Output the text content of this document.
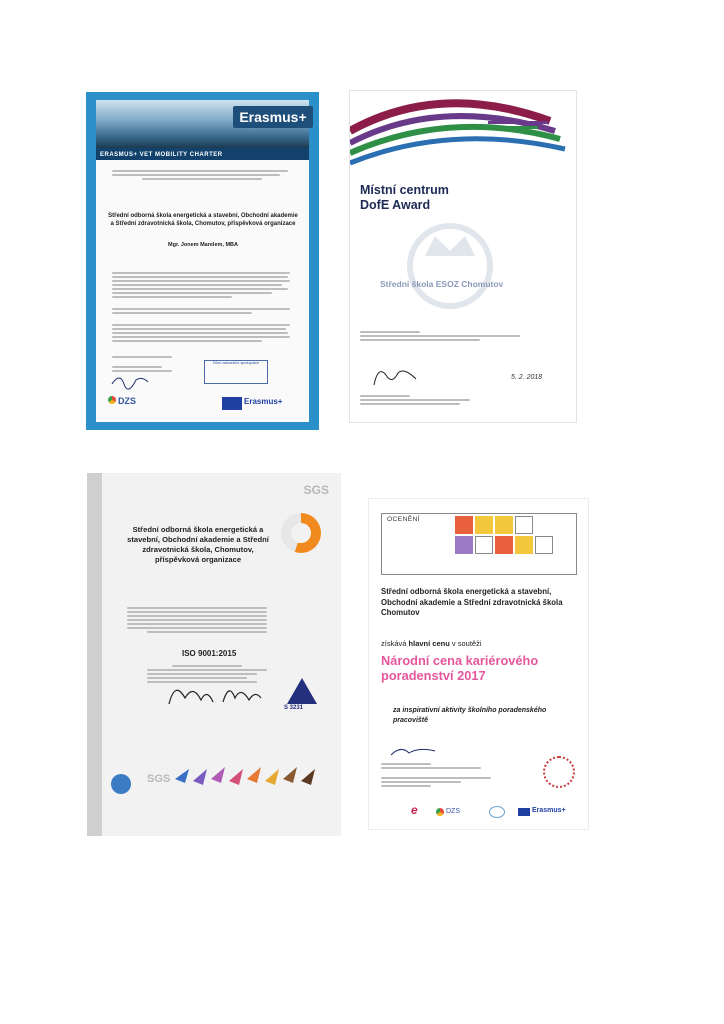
Erasmus+
ERASMUS+ VET MOBILITY CHARTER
Střední odborná škola energetická a stavební, Obchodní akademie a Střední zdravotnická škola, Chomutov, příspěvková organizace
Mgr. Jonem Marelem, MBA
Dům zahraniční spolupráce
DZS	Erasmus+
Místní centrum
DofE Award
Střední škola ESOZ Chomutov
5. 2. 2018
SGS
Střední odborná škola energetická a stavební, Obchodní akademie a Střední zdravotnická škola, Chomutov, příspěvková organizace
ISO 9001:2015
S 3231
SGS
OCENĚNÍ
Střední odborná škola energetická a stavební, Obchodní akademie a Střední zdravotnická škola Chomutov
získává hlavní cenu v soutěži
Národní cena kariérového poradenství 2017
za inspirativní aktivity školního poradenského pracoviště
e	DZS	Erasmus+
